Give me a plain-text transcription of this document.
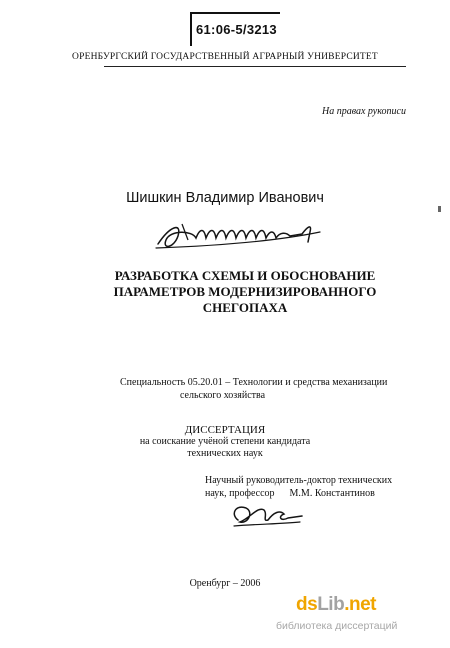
61:06-5/3213
ОРЕНБУРГСКИЙ ГОСУДАРСТВЕННЫЙ АГРАРНЫЙ УНИВЕРСИТЕТ
На правах рукописи
Шишкин Владимир Иванович
РАЗРАБОТКА СХЕМЫ И ОБОСНОВАНИЕ
ПАРАМЕТРОВ МОДЕРНИЗИРОВАННОГО
СНЕГОПАХА
Специальность 05.20.01 – Технологии и средства механизации
сельского хозяйства
ДИССЕРТАЦИЯ
на соискание учёной степени кандидата
технических наук
Научный руководитель-доктор технических
наук, профессор      М.М. Константинов
Оренбург – 2006
dsLib.net
библиотека диссертаций
